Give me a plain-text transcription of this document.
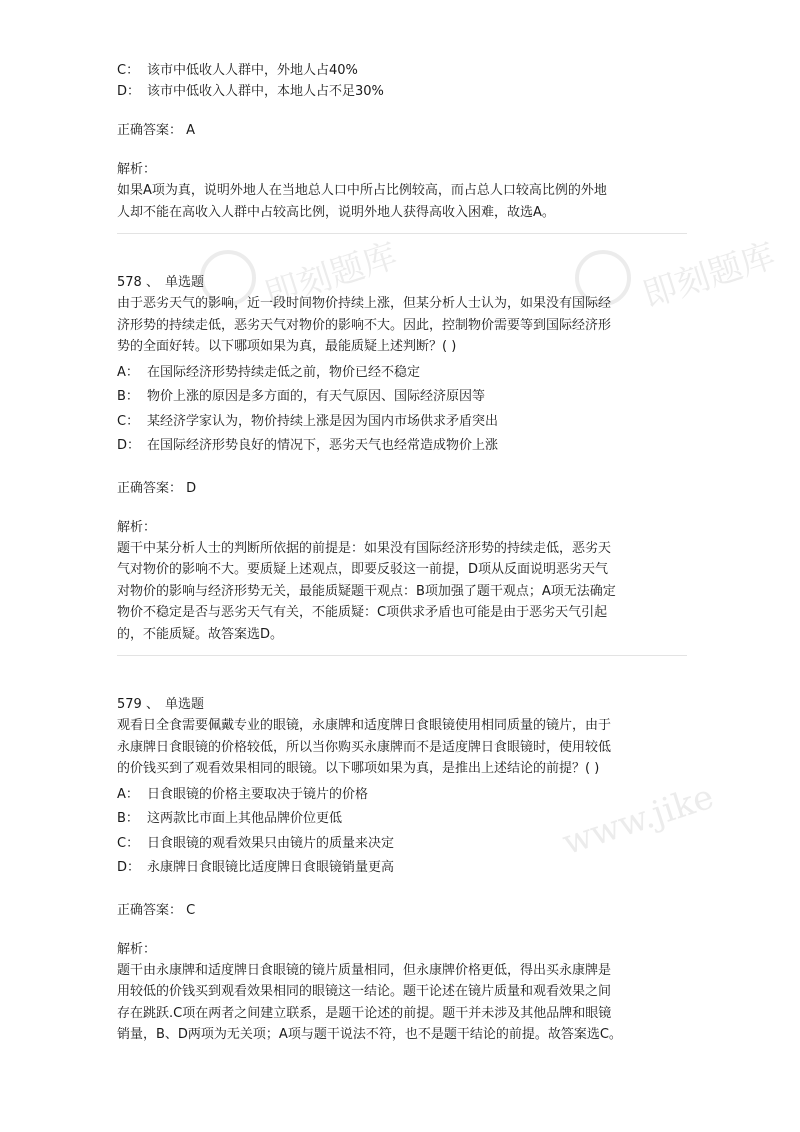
即刻题库	即刻题库
www.jike
C： 该市中低收人人群中，外地人占40%
D： 该市中低收入人群中，本地人占不足30%
正确答案： A
解析：
如果A项为真，说明外地人在当地总人口中所占比例较高，而占总人口较高比例的外地
人却不能在高收入人群中占较高比例，说明外地人获得高收入困难，故选A。
578 、 单选题
由于恶劣天气的影响，近一段时间物价持续上涨，但某分析人士认为，如果没有国际经
济形势的持续走低，恶劣天气对物价的影响不大。因此，控制物价需要等到国际经济形
势的全面好转。以下哪项如果为真，最能质疑上述判断？( )
A： 在国际经济形势持续走低之前，物价已经不稳定
B： 物价上涨的原因是多方面的，有天气原因、国际经济原因等
C： 某经济学家认为，物价持续上涨是因为国内市场供求矛盾突出
D： 在国际经济形势良好的情况下，恶劣天气也经常造成物价上涨
正确答案： D
解析：
题干中某分析人士的判断所依据的前提是：如果没有国际经济形势的持续走低，恶劣天
气对物价的影响不大。要质疑上述观点，即要反驳这一前提，D项从反面说明恶劣天气
对物价的影响与经济形势无关，最能质疑题干观点：B项加强了题干观点；A项无法确定
物价不稳定是否与恶劣天气有关，不能质疑：C项供求矛盾也可能是由于恶劣天气引起
的，不能质疑。故答案选D。
579 、 单选题
观看日全食需要佩戴专业的眼镜，永康牌和适度牌日食眼镜使用相同质量的镜片，由于
永康牌日食眼镜的价格较低，所以当你购买永康牌而不是适度牌日食眼镜时，使用较低
的价钱买到了观看效果相同的眼镜。以下哪项如果为真，是推出上述结论的前提？( )
A： 日食眼镜的价格主要取决于镜片的价格
B： 这两款比市面上其他品牌价位更低
C： 日食眼镜的观看效果只由镜片的质量来决定
D： 永康牌日食眼镜比适度牌日食眼镜销量更高
正确答案： C
解析：
题干由永康牌和适度牌日食眼镜的镜片质量相同，但永康牌价格更低，得出买永康牌是
用较低的价钱买到观看效果相同的眼镜这一结论。题干论述在镜片质量和观看效果之间
存在跳跃.C项在两者之间建立联系，是题干论述的前提。题干并未涉及其他品牌和眼镜
销量，B、D两项为无关项；A项与题干说法不符，也不是题干结论的前提。故答案选C。
